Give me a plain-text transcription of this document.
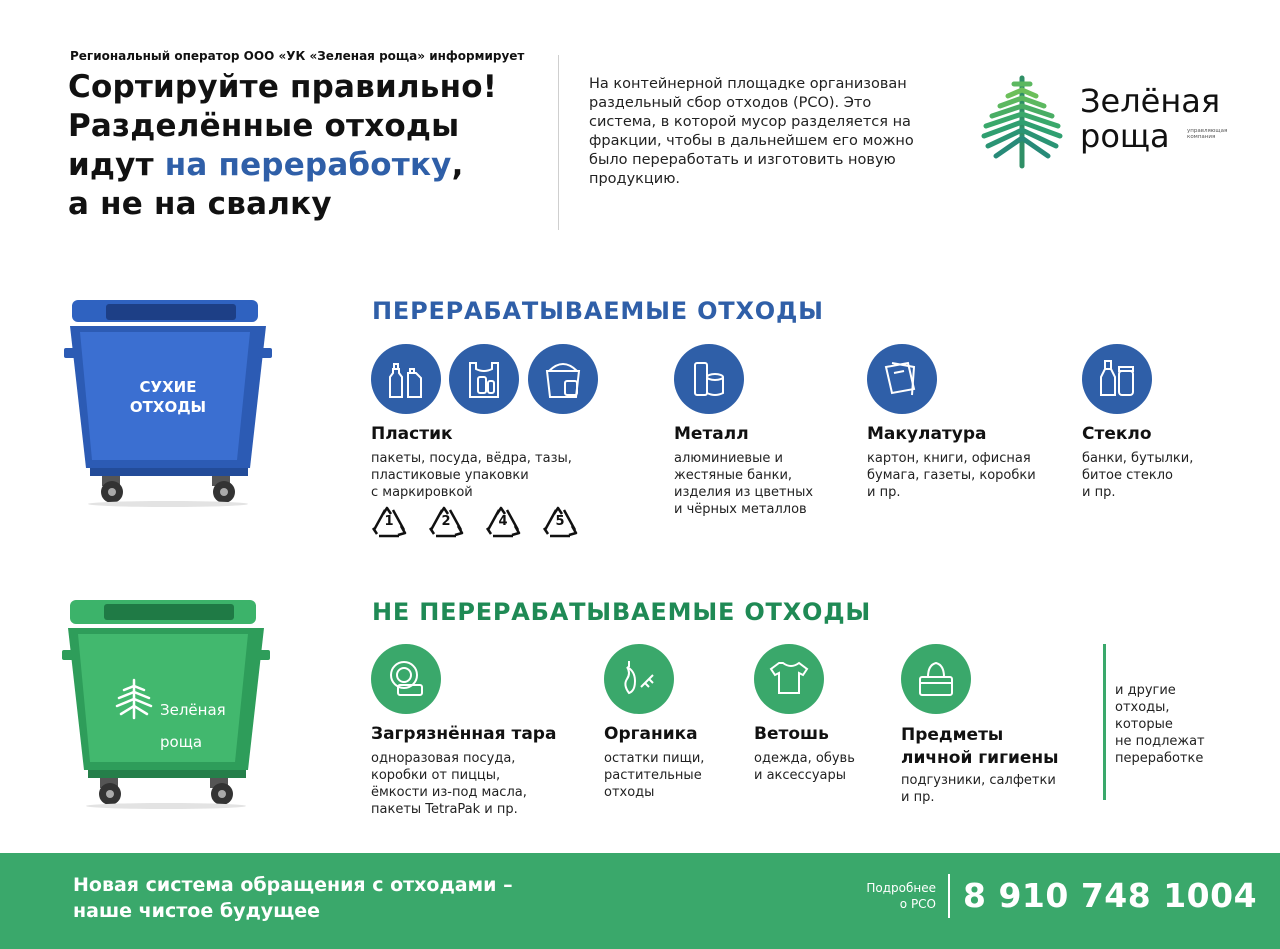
Региональный оператор ООО «УК «Зеленая роща» информирует
Сортируйте правильно!
Разделённые отходы
идут на переработку,
а не на свалку
На контейнерной площадке организован раздельный сбор отходов (РСО). Это система, в которой мусор разделяется на фракции, чтобы в дальнейшем его можно было переработать и изготовить новую продукцию.
Зелёная
роща	управляющая компания
СУХИЕ
ОТХОДЫ

Зелёная

роща

ПЕРЕРАБАТЫВАЕМЫЕ ОТХОДЫ
Пластик
пакеты, посуда, вёдра, тазы,
пластиковые упаковки
с маркировкой
1	2	4	5
Металл
алюминиевые и
жестяные банки,
изделия из цветных
и чёрных металлов
Макулатура
картон, книги, офисная
бумага, газеты, коробки
и пр.
Стекло
банки, бутылки,
битое стекло
и пр.
НЕ ПЕРЕРАБАТЫВАЕМЫЕ ОТХОДЫ
Загрязнённая тара
одноразовая посуда,
коробки от пиццы,
ёмкости из-под масла,
пакеты TetraPak и пр.
Органика
остатки пищи,
растительные
отходы
Ветошь
одежда, обувь
и аксессуары
Предметы
личной гигиены
подгузники, салфетки
и пр.
и другие
отходы,
которые
не подлежат
переработке
Новая система обращения с отходами –
наше чистое будущее
Подробнее
о РСО 8 910 748 1004
